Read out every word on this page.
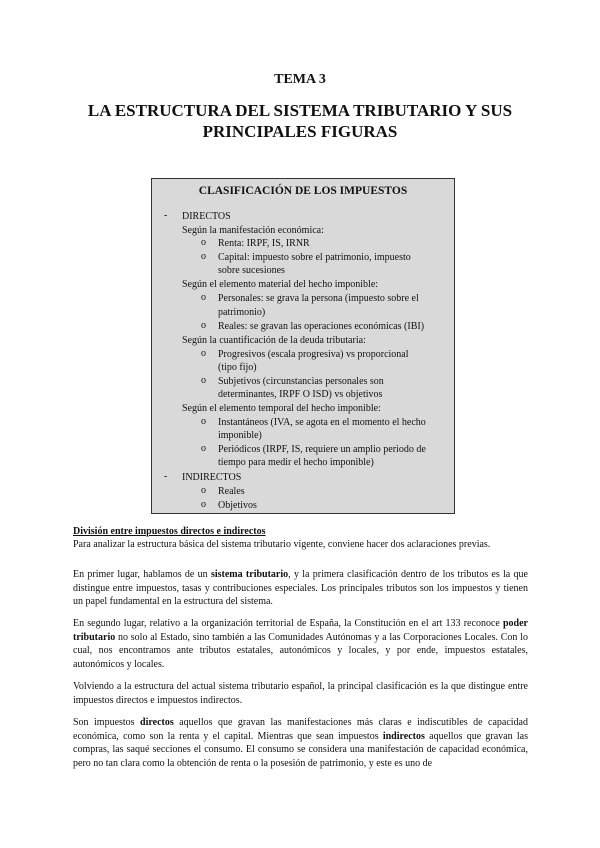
TEMA 3
LA ESTRUCTURA DEL SISTEMA TRIBUTARIO Y SUS
PRINCIPALES FIGURAS
CLASIFICACIÓN DE LOS IMPUESTOS
- DIRECTOS
Según la manifestación económica:
o Renta: IRPF, IS, IRNR
o Capital: impuesto sobre el patrimonio, impuesto
sobre sucesiones
Según el elemento material del hecho imponible:
o Personales: se grava la persona (impuesto sobre el
patrimonio)
o Reales: se gravan las operaciones económicas (IBI)
Según la cuantificación de la deuda tributaria:
o Progresivos (escala progresiva) vs proporcional
(tipo fijo)
o Subjetivos (circunstancias personales son
determinantes, IRPF O ISD) vs objetivos
Según el elemento temporal del hecho imponible:
o Instantáneos (IVA, se agota en el momento el hecho
imponible)
o Periódicos (IRPF, IS, requiere un amplio periodo de
tiempo para medir el hecho imponible)
- INDIRECTOS
o Reales
o Objetivos
División entre impuestos directos e indirectos

Para analizar la estructura básica del sistema tributario vigente, conviene hacer dos aclaraciones previas.

En primer lugar, hablamos de un sistema tributario, y la primera clasificación dentro de los tributos es la que distingue entre impuestos, tasas y contribuciones especiales. Los principales tributos son los impuestos y tienen un papel fundamental en la estructura del sistema.

En segundo lugar, relativo a la organización territorial de España, la Constitución en el art 133 reconoce poder tributario no solo al Estado, sino también a las Comunidades Autónomas y a las Corporaciones Locales. Con lo cual, nos encontramos ante tributos estatales, autonómicos y locales, y por ende, impuestos estatales, autonómicos y locales.

Volviendo a la estructura del actual sistema tributario español, la principal clasificación es la que distingue entre impuestos directos e impuestos indirectos.

Son impuestos directos aquellos que gravan las manifestaciones más claras e indiscutibles de capacidad económica, como son la renta y el capital. Mientras que sean impuestos indirectos aquellos que gravan las compras, las saqué secciones el consumo. El consumo se considera una manifestación de capacidad económica, pero no tan clara como la obtención de renta o la posesión de patrimonio, y este es uno de
